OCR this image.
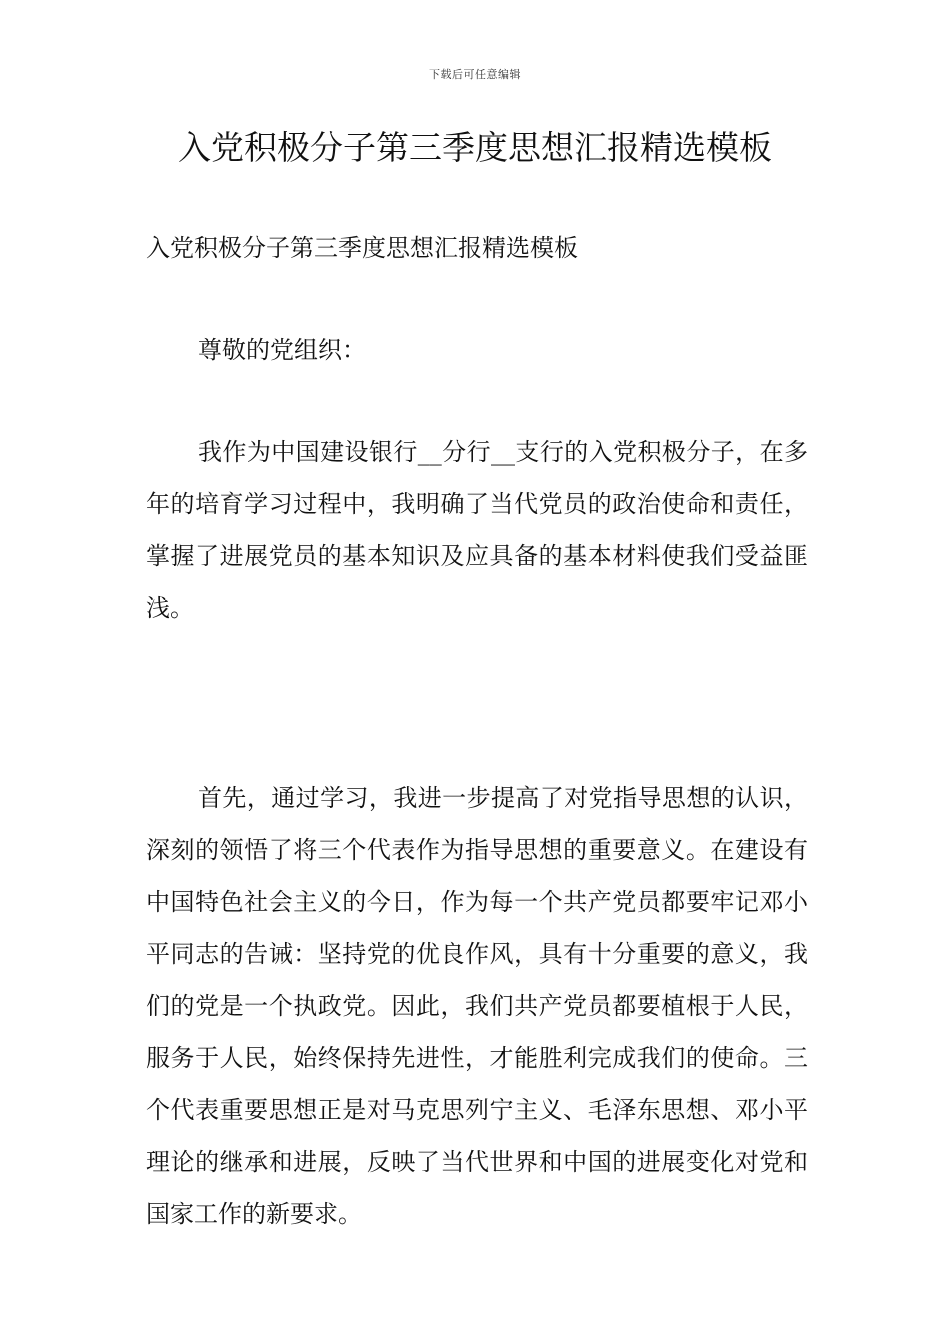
下载后可任意编辑
入党积极分子第三季度思想汇报精选模板

入党积极分子第三季度思想汇报精选模板

尊敬的党组织：

我作为中国建设银行__分行__支行的入党积极分子，在多年的培育学习过程中，我明确了当代党员的政治使命和责任，掌握了进展党员的基本知识及应具备的基本材料使我们受益匪浅。

首先，通过学习，我进一步提高了对党指导思想的认识，深刻的领悟了将三个代表作为指导思想的重要意义。在建设有中国特色社会主义的今日，作为每一个共产党员都要牢记邓小平同志的告诫：坚持党的优良作风，具有十分重要的意义，我们的党是一个执政党。因此，我们共产党员都要植根于人民，服务于人民，始终保持先进性，才能胜利完成我们的使命。三个代表重要思想正是对马克思列宁主义、毛泽东思想、邓小平理论的继承和进展，反映了当代世界和中国的进展变化对党和国家工作的新要求。
